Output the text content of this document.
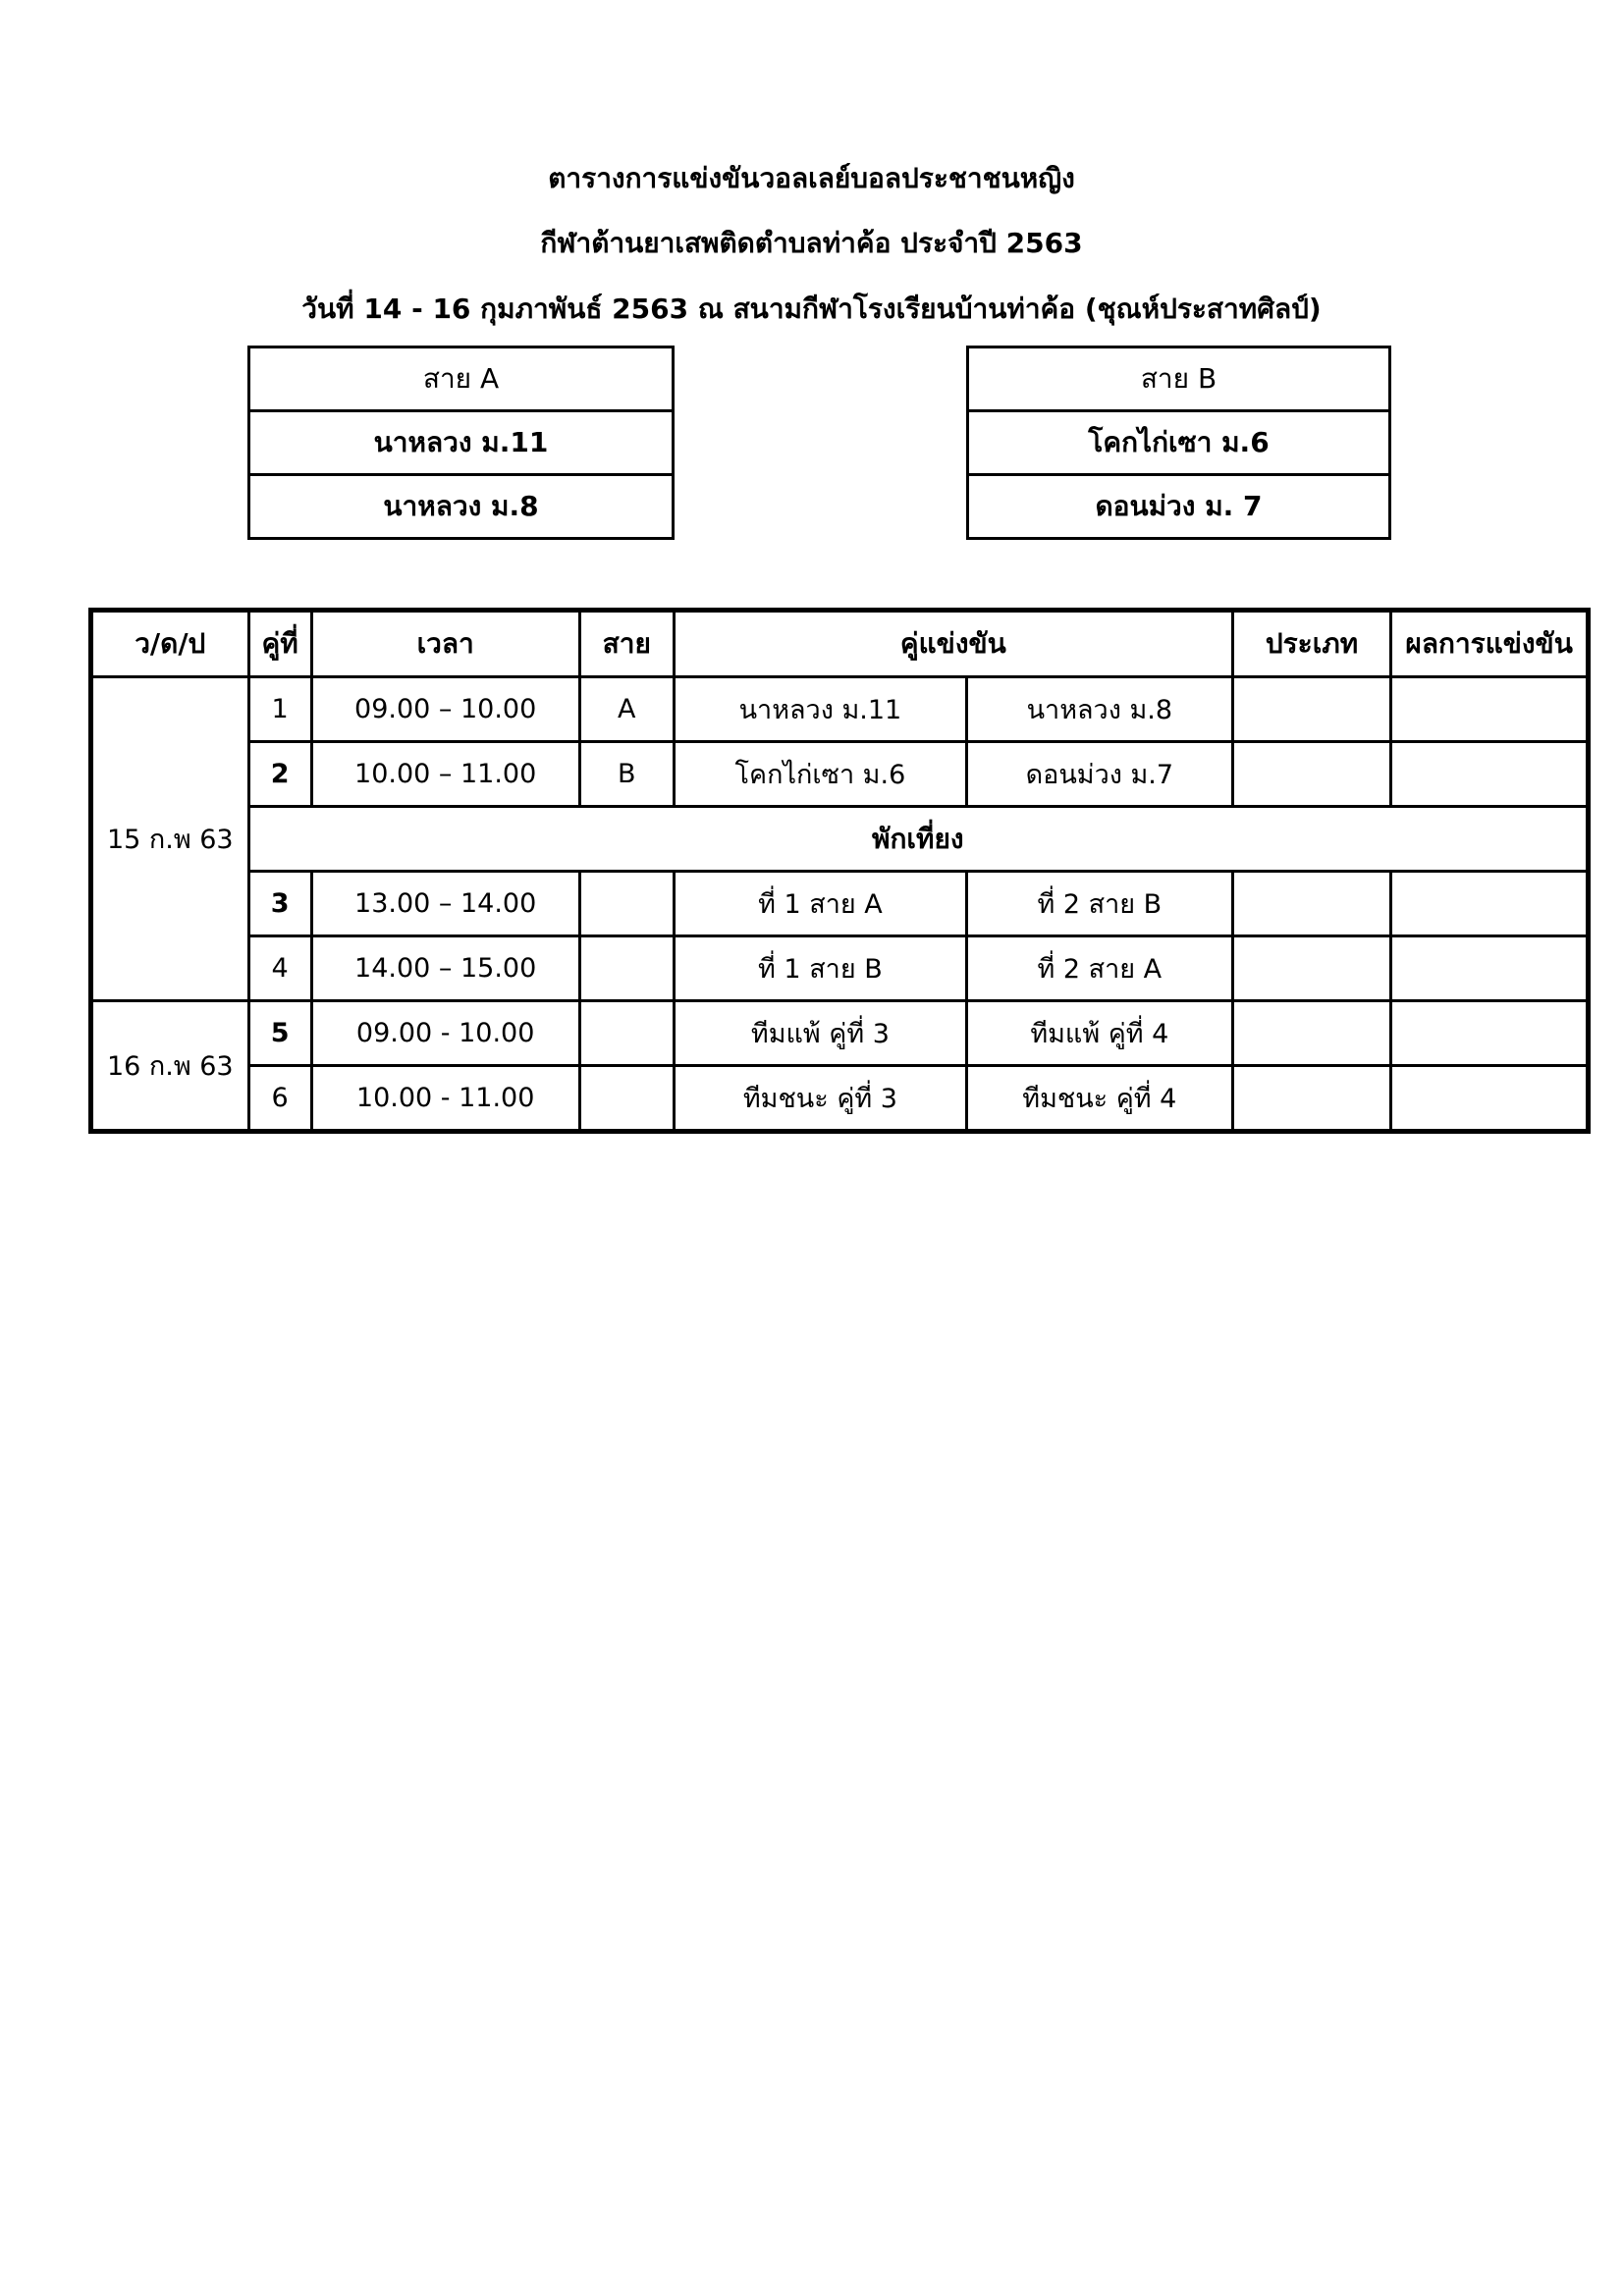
ตารางการแข่งขันวอลเลย์บอลประชาชนหญิง
กีฬาต้านยาเสพติดตำบลท่าค้อ ประจำปี 2563
วันที่ 14 - 16 กุมภาพันธ์ 2563 ณ สนามกีฬาโรงเรียนบ้านท่าค้อ (ชุณห์ประสาทศิลป์)
สาย A
นาหลวง ม.11
นาหลวง ม.8
สาย B
โคกไก่เซา ม.6
ดอนม่วง ม. 7
ว/ด/ป	คู่ที่	เวลา	สาย	คู่แข่งขัน		ประเภท	ผลการแข่งขัน
15 ก.พ 63	1	09.00 – 10.00	A	นาหลวง ม.11	นาหลวง ม.8		
	2	10.00 – 11.00	B	โคกไก่เซา ม.6	ดอนม่วง ม.7		
	พักเที่ยง						
	3	13.00 – 14.00		ที่ 1 สาย A	ที่ 2 สาย B		
	4	14.00 – 15.00		ที่ 1 สาย B	ที่ 2 สาย A		
16 ก.พ 63	5	09.00 - 10.00		ทีมแพ้ คู่ที่ 3	ทีมแพ้ คู่ที่ 4		
	6	10.00 - 11.00		ทีมชนะ คู่ที่ 3	ทีมชนะ คู่ที่ 4		
